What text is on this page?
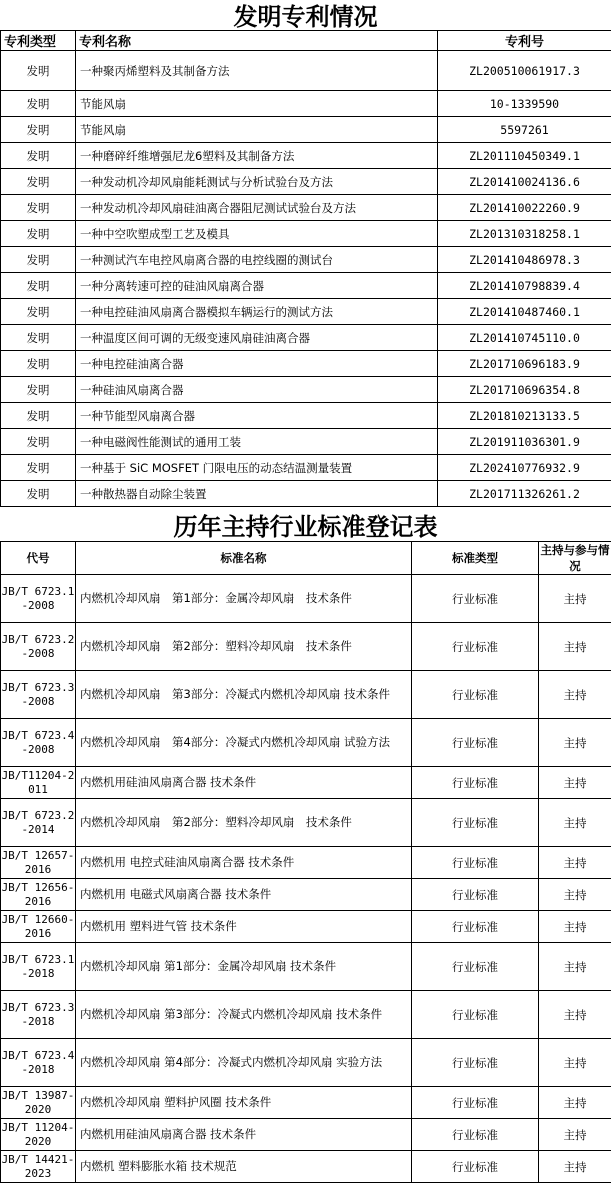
发明专利情况
专利类型	专利名称	专利号
发明	一种聚丙烯塑料及其制备方法	ZL200510061917.3
发明	节能风扇	10-1339590
发明	节能风扇	5597261
发明	一种磨碎纤维增强尼龙6塑料及其制备方法	ZL201110450349.1
发明	一种发动机冷却风扇能耗测试与分析试验台及方法	ZL201410024136.6
发明	一种发动机冷却风扇硅油离合器阻尼测试试验台及方法	ZL201410022260.9
发明	一种中空吹塑成型工艺及模具	ZL201310318258.1
发明	一种测试汽车电控风扇离合器的电控线圈的测试台	ZL201410486978.3
发明	一种分离转速可控的硅油风扇离合器	ZL201410798839.4
发明	一种电控硅油风扇离合器模拟车辆运行的测试方法	ZL201410487460.1
发明	一种温度区间可调的无级变速风扇硅油离合器	ZL201410745110.0
发明	一种电控硅油离合器	ZL201710696183.9
发明	一种硅油风扇离合器	ZL201710696354.8
发明	一种节能型风扇离合器	ZL201810213133.5
发明	一种电磁阀性能测试的通用工装	ZL201911036301.9
发明	一种基于 SiC MOSFET 门限电压的动态结温测量装置	ZL202410776932.9
发明	一种散热器自动除尘装置	ZL201711326261.2
历年主持行业标准登记表
代号	标准名称	标准类型	主持与参与情况
JB/T 6723.1-2008	内燃机冷却风扇　第1部分：金属冷却风扇　技术条件	行业标准	主持
JB/T 6723.2-2008	内燃机冷却风扇　第2部分：塑料冷却风扇　技术条件	行业标准	主持
JB/T 6723.3-2008	内燃机冷却风扇　第3部分：冷凝式内燃机冷却风扇 技术条件	行业标准	主持
JB/T 6723.4-2008	内燃机冷却风扇　第4部分：冷凝式内燃机冷却风扇 试验方法	行业标准	主持
JB/T11204-2011	内燃机用硅油风扇离合器 技术条件	行业标准	主持
JB/T 6723.2-2014	内燃机冷却风扇　第2部分：塑料冷却风扇　技术条件	行业标准	主持
JB/T 12657-2016	内燃机用 电控式硅油风扇离合器 技术条件	行业标准	主持
JB/T 12656-2016	内燃机用 电磁式风扇离合器 技术条件	行业标准	主持
JB/T 12660-2016	内燃机用 塑料进气管 技术条件	行业标准	主持
JB/T 6723.1-2018	内燃机冷却风扇 第1部分：金属冷却风扇 技术条件	行业标准	主持
JB/T 6723.3-2018	内燃机冷却风扇 第3部分：冷凝式内燃机冷却风扇 技术条件	行业标准	主持
JB/T 6723.4-2018	内燃机冷却风扇 第4部分：冷凝式内燃机冷却风扇 实验方法	行业标准	主持
JB/T 13987-2020	内燃机冷却风扇 塑料护风圈 技术条件	行业标准	主持
JB/T 11204-2020	内燃机用硅油风扇离合器 技术条件	行业标准	主持
JB/T 14421-2023	内燃机 塑料膨胀水箱 技术规范	行业标准	主持
